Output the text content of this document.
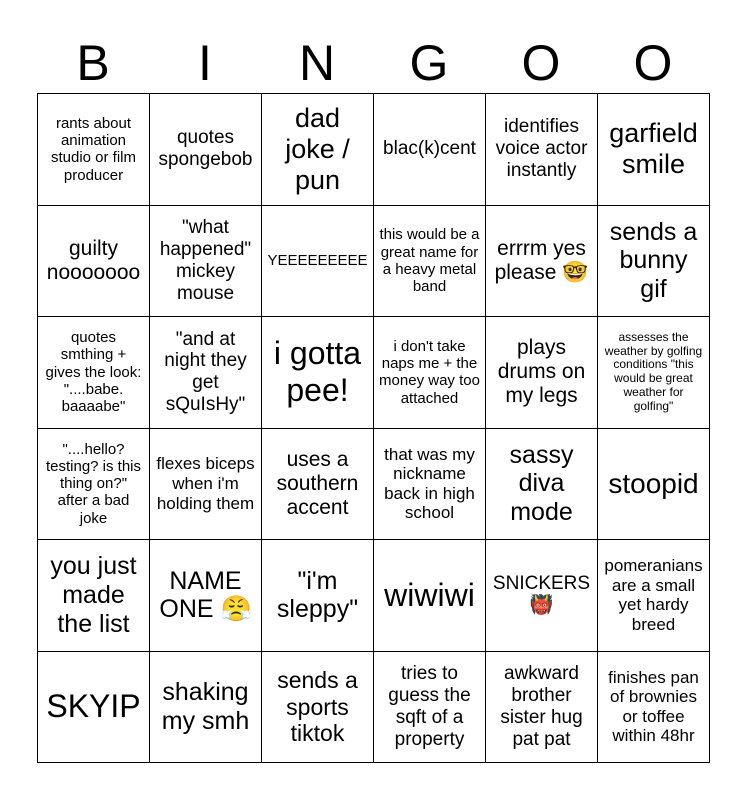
B	I	N	G	O	O
rants about animation studio or film producer	quotes spongebob	dad joke / pun	blac(k)cent	identifies voice actor instantly	garfield smile
guilty nooooooo	"what happened" mickey mouse	YEEEEEEEEE	this would be a great name for a heavy metal band	errrm yes please 🤓	sends a bunny gif
quotes smthing + gives the look: "....babe. baaaabe"	"and at night they get sQuIsHy"	i gotta pee!	i don't take naps me + the money way too attached	plays drums on my legs	assesses the weather by golfing conditions "this would be great weather for golfing"
"....hello? testing? is this thing on?" after a bad joke	flexes biceps when i'm holding them	uses a southern accent	that was my nickname back in high school	sassy diva mode	stoopid
you just made the list	NAME ONE 😤	"i'm sleppy"	wiwiwi	SNICKERS 👹	pomeranians are a small yet hardy breed
SKYIP	shaking my smh	sends a sports tiktok	tries to guess the sqft of a property	awkward brother sister hug pat pat	finishes pan of brownies or toffee within 48hr
